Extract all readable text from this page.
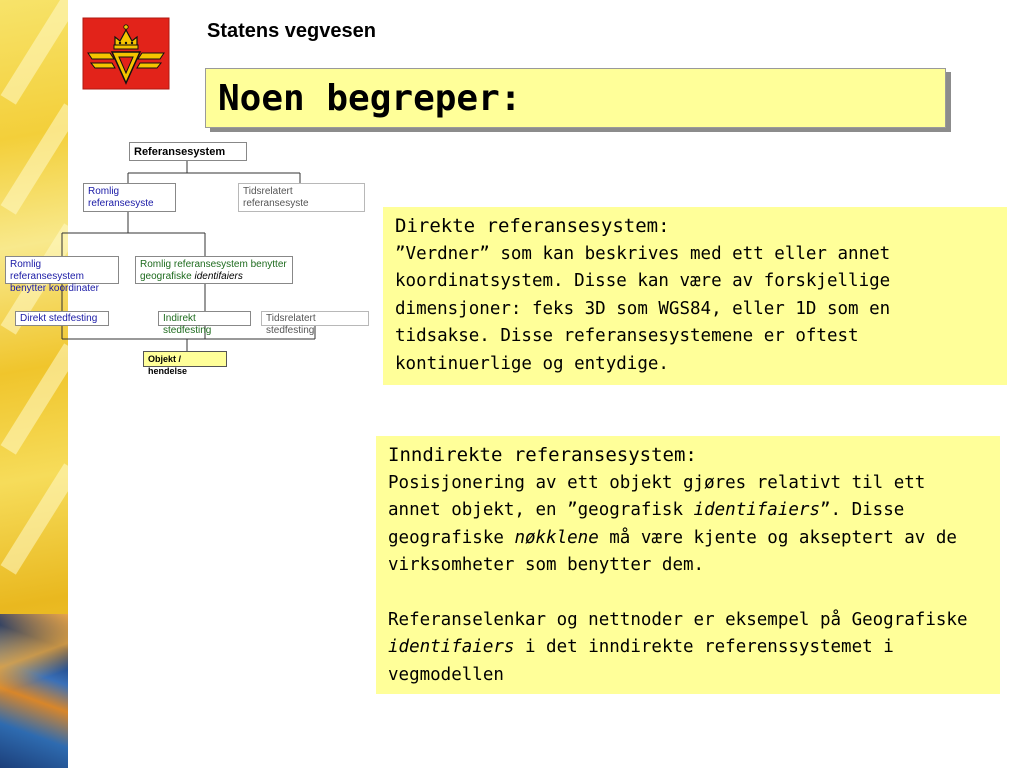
Statens vegvesen
Noen begreper:
Referansesystem
Romlig referansesyste
Tidsrelatert referansesyste
Romlig referansesystem benytter koordinater
Romlig referansesystem benytter geografiske identifaiers
Direkt stedfesting	Indirekt stedfesting
Tidsrelatert stedfesting
Objekt / hendelse

Direkte referansesystem:

”Verdner” som kan beskrives med ett eller annet koordinatsystem. Disse kan være av forskjellige dimensjoner: feks 3D som WGS84, eller 1D som en tidsakse. Disse referansesystemene er oftest kontinuerlige og entydige.

Inndirekte referansesystem:

Posisjonering av ett objekt gjøres relativt til ett annet objekt, en ”geografisk identifaiers”. Disse geografiske nøkklene må være kjente og akseptert av de virksomheter som benytter dem.

Referanselenkar og nettnoder er eksempel på Geografiske identifaiers i det inndirekte referenssystemet i vegmodellen
